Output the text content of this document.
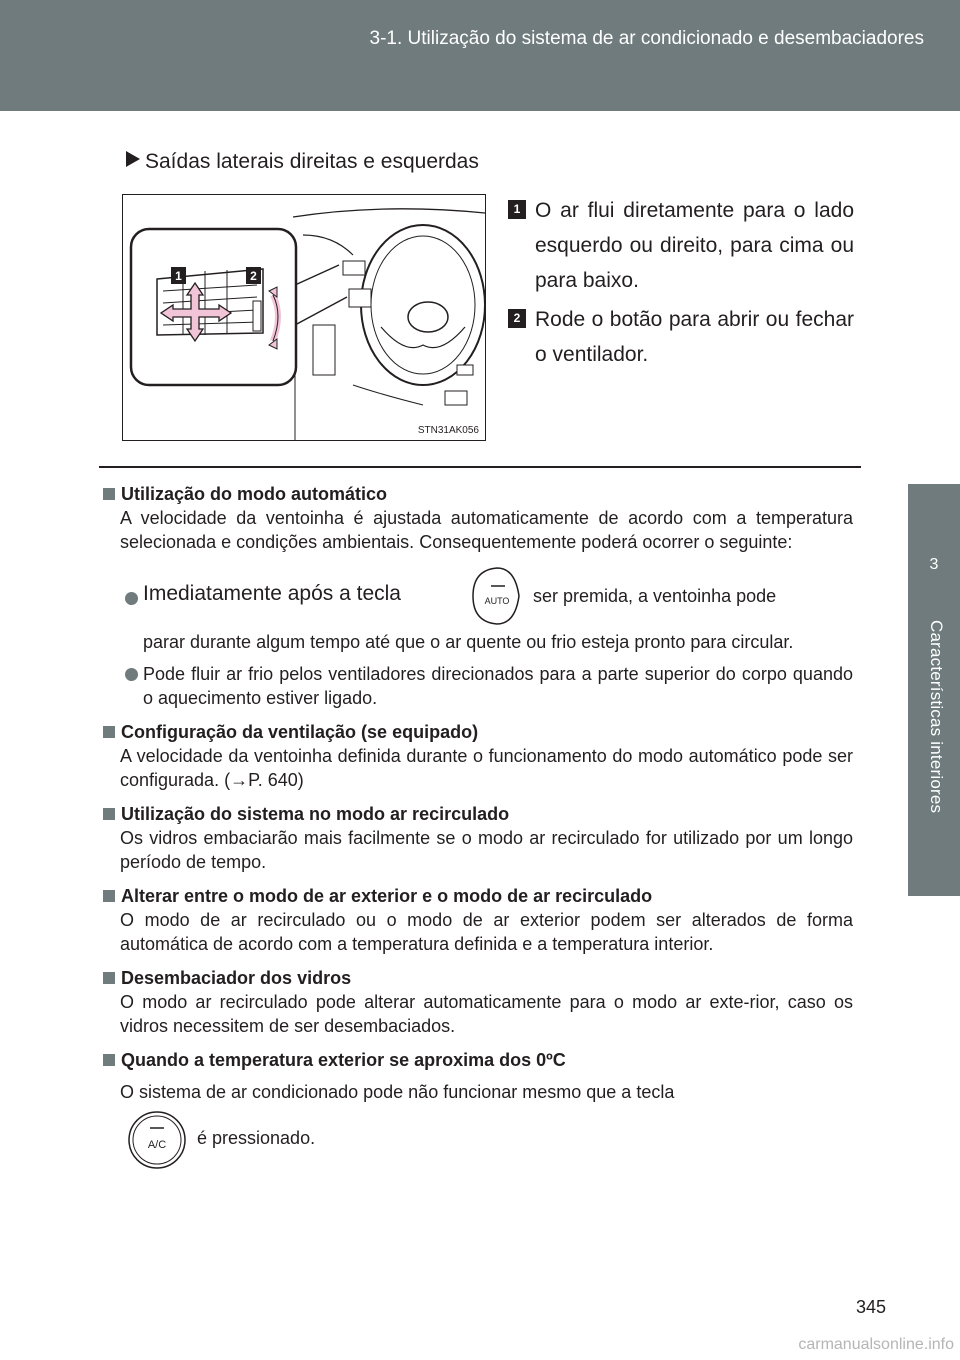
3-1. Utilização do sistema de ar condicionado e desembaciadores
3
Características interiores
Saídas laterais direitas e esquerdas
1	2
STN31AK056
1 O ar flui diretamente para o lado esquerdo ou direito, para cima ou para baixo.
2 Rode o botão para abrir ou fechar o ventilador.
Utilização do modo automático
A velocidade da ventoinha é ajustada automaticamente de acordo com a temperatura selecionada e condições ambientais. Consequentemente poderá ocorrer o seguinte:
Imediatamente após a tecla	AUTO ser premida, a ventoinha pode
parar durante algum tempo até que o ar quente ou frio esteja pronto para circular.
Pode fluir ar frio pelos ventiladores direcionados para a parte superior do corpo quando o aquecimento estiver ligado.
Configuração da ventilação (se equipado)
A velocidade da ventoinha definida durante o funcionamento do modo automático pode ser configurada. (→P. 640)
Utilização do sistema no modo ar recirculado
Os vidros embaciarão mais facilmente se o modo ar recirculado for utilizado por um longo período de tempo.
Alterar entre o modo de ar exterior e o modo de ar recirculado
O modo de ar recirculado ou o modo de ar exterior podem ser alterados de forma automática de acordo com a temperatura definida e a temperatura interior.
Desembaciador dos vidros
O modo ar recirculado pode alterar automaticamente para o modo ar exte-rior, caso os vidros necessitem de ser desembaciados.
Quando a temperatura exterior se aproxima dos 0ºC
O sistema de ar condicionado pode não funcionar mesmo que a tecla
A/C é pressionado.
345
carmanualsonline.info
